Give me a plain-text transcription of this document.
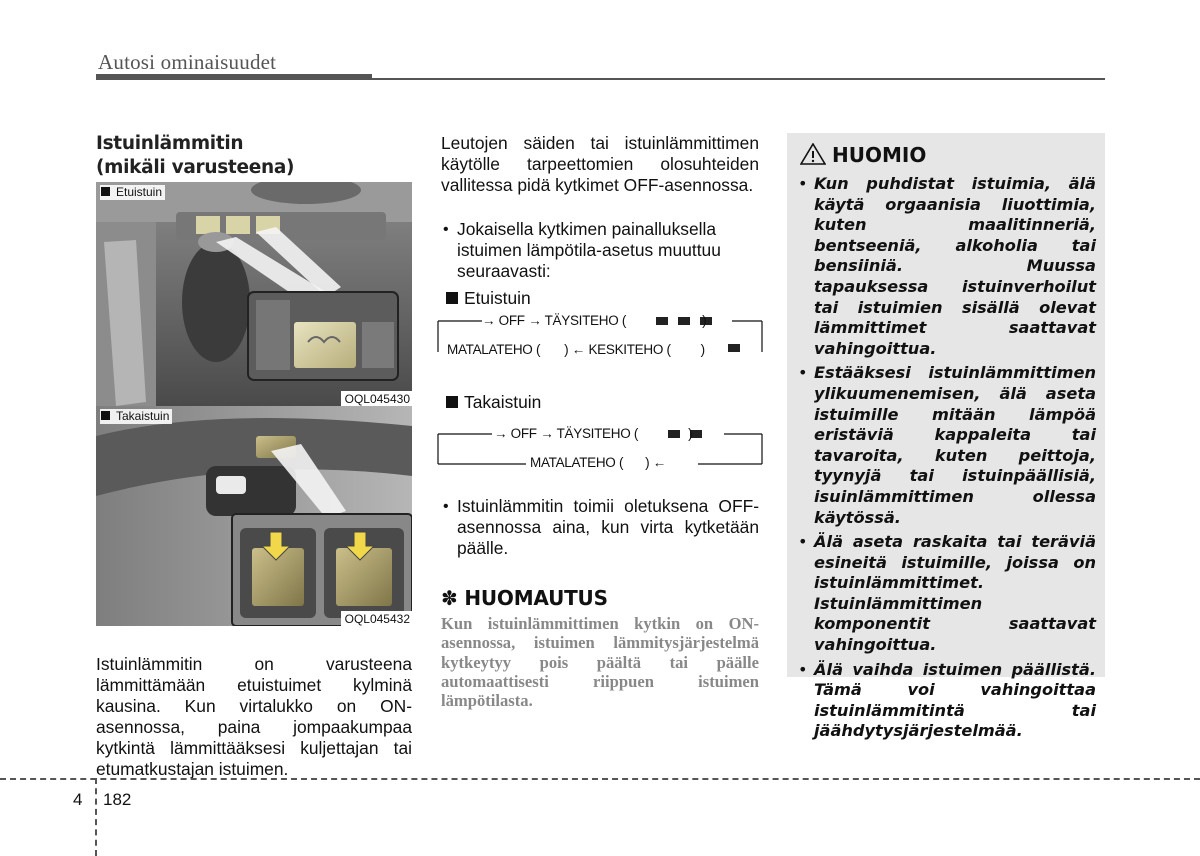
Autosi ominaisuudet
Istuinlämmitin
(mikäli varusteena)
Etuistuin
OQL045430
Takaistuin
OQL045432
Istuinlämmitin on varusteena lämmittämään etuistuimet kylminä kausina. Kun virtalukko on ON-asennossa, paina jompaakumpaa kytkintä lämmittääksesi kuljettajan tai etumatkustajan istuimen.
Leutojen säiden tai istuinlämmittimen käytölle tarpeettomien olosuhteiden vallitessa pidä kytkimet OFF-asennossa.
• Jokaisella kytkimen painalluksella istuimen lämpötila-asetus muuttuu seuraavasti:
Etuistuin
→ OFF → TÄYSITEHO (	)
MATALATEHO ( ) ← KESKITEHO ( )
Takaistuin
→ OFF → TÄYSITEHO (	)
MATALATEHO ( ) ←
• Istuinlämmitin toimii oletuksena OFF-asennossa aina, kun virta kytketään päälle.
✽ HUOMAUTUS
Kun istuinlämmittimen kytkin on ON-asennossa, istuimen lämmitysjärjestelmä kytkeytyy pois päältä tai päälle automaattisesti riippuen istuimen lämpötilasta.
HUOMIO
• Kun puhdistat istuimia, älä käytä orgaanisia liuottimia, kuten maalitinneriä, bentseeniä, alkoholia tai bensiiniä. Muussa tapauksessa istuinverhoilut tai istuimien sisällä olevat lämmittimet saattavat vahingoittua.
• Estääksesi istuinlämmittimen ylikuumenemisen, älä aseta istuimille mitään lämpöä eristäviä kappaleita tai tavaroita, kuten peittoja, tyynyjä tai istuinpäällisiä, isuinlämmittimen ollessa käytössä.
• Älä aseta raskaita tai teräviä esineitä istuimille, joissa on istuinlämmittimet. Istuinlämmittimen komponentit saattavat vahingoittua.
• Älä vaihda istuimen päällistä. Tämä voi vahingoittaa istuinlämmitintä tai jäähdytysjärjestelmää.
4 182
